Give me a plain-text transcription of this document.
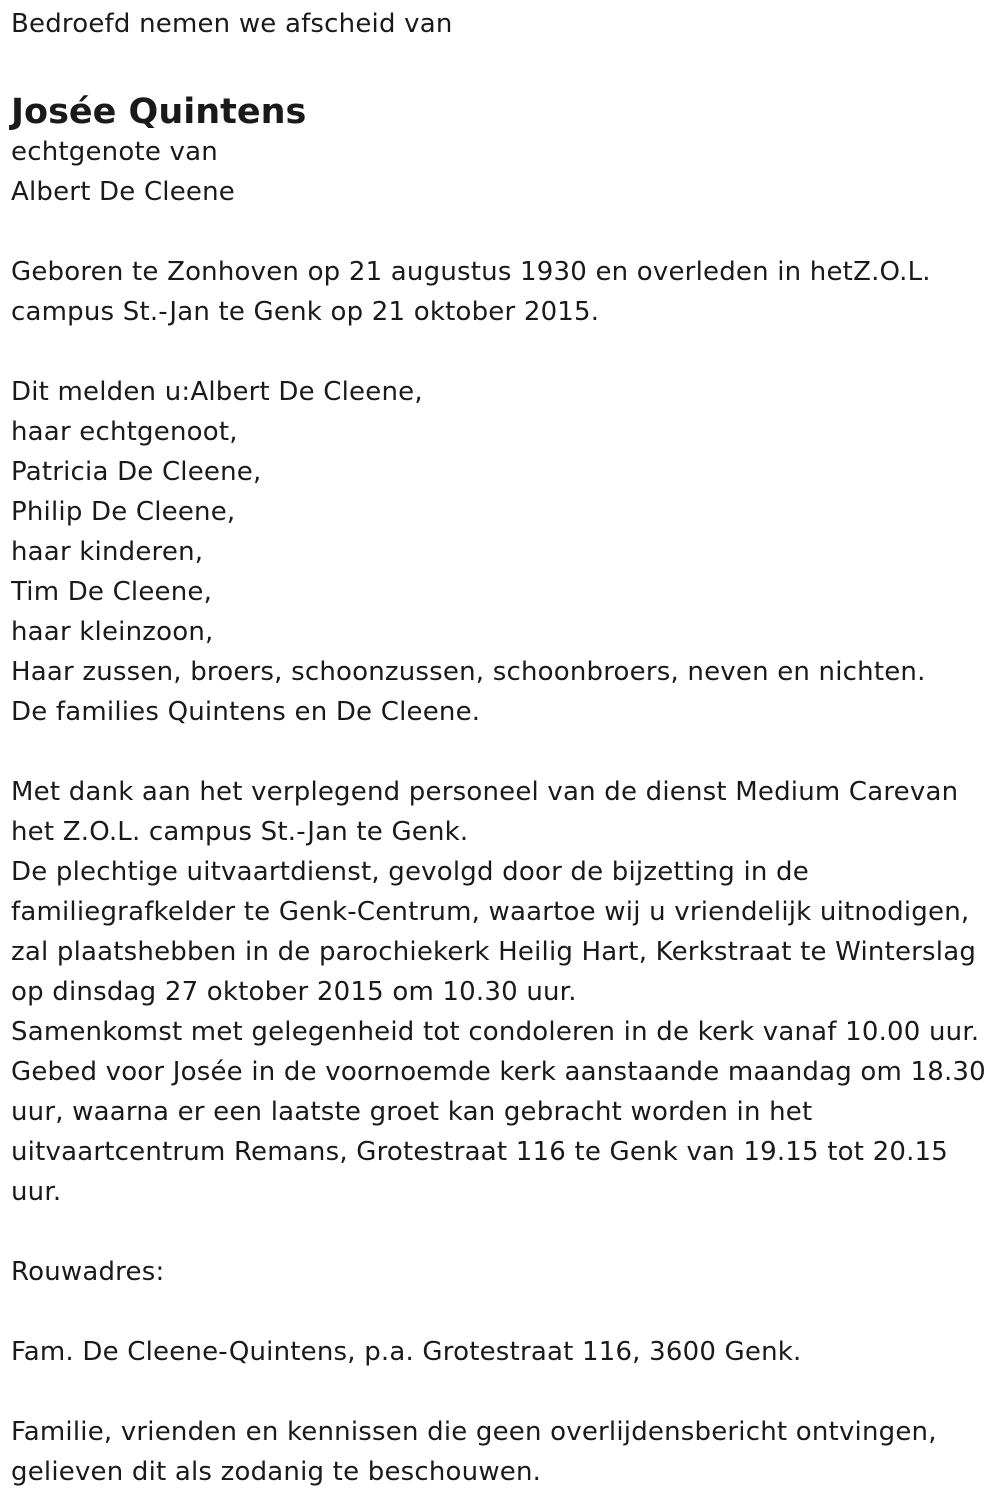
Bedroefd nemen we afscheid van
Josée Quintens
echtgenote van
Albert De Cleene
Geboren te Zonhoven op 21 augustus 1930 en overleden in hetZ.O.L.
campus St.-Jan te Genk op 21 oktober 2015.
Dit melden u:Albert De Cleene,
haar echtgenoot,
Patricia De Cleene,
Philip De Cleene,
haar kinderen,
Tim De Cleene,
haar kleinzoon,
Haar zussen, broers, schoonzussen, schoonbroers, neven en nichten.
De families Quintens en De Cleene.
Met dank aan het verplegend personeel van de dienst Medium Carevan
het Z.O.L. campus St.-Jan te Genk.
De plechtige uitvaartdienst, gevolgd door de bijzetting in de
familiegrafkelder te Genk-Centrum, waartoe wij u vriendelijk uitnodigen,
zal plaatshebben in de parochiekerk Heilig Hart, Kerkstraat te Winterslag
op dinsdag 27 oktober 2015 om 10.30 uur.
Samenkomst met gelegenheid tot condoleren in de kerk vanaf 10.00 uur.
Gebed voor Josée in de voornoemde kerk aanstaande maandag om 18.30
uur, waarna er een laatste groet kan gebracht worden in het
uitvaartcentrum Remans, Grotestraat 116 te Genk van 19.15 tot 20.15
uur.
Rouwadres:
Fam. De Cleene-Quintens, p.a. Grotestraat 116, 3600 Genk.
Familie, vrienden en kennissen die geen overlijdensbericht ontvingen,
gelieven dit als zodanig te beschouwen.
